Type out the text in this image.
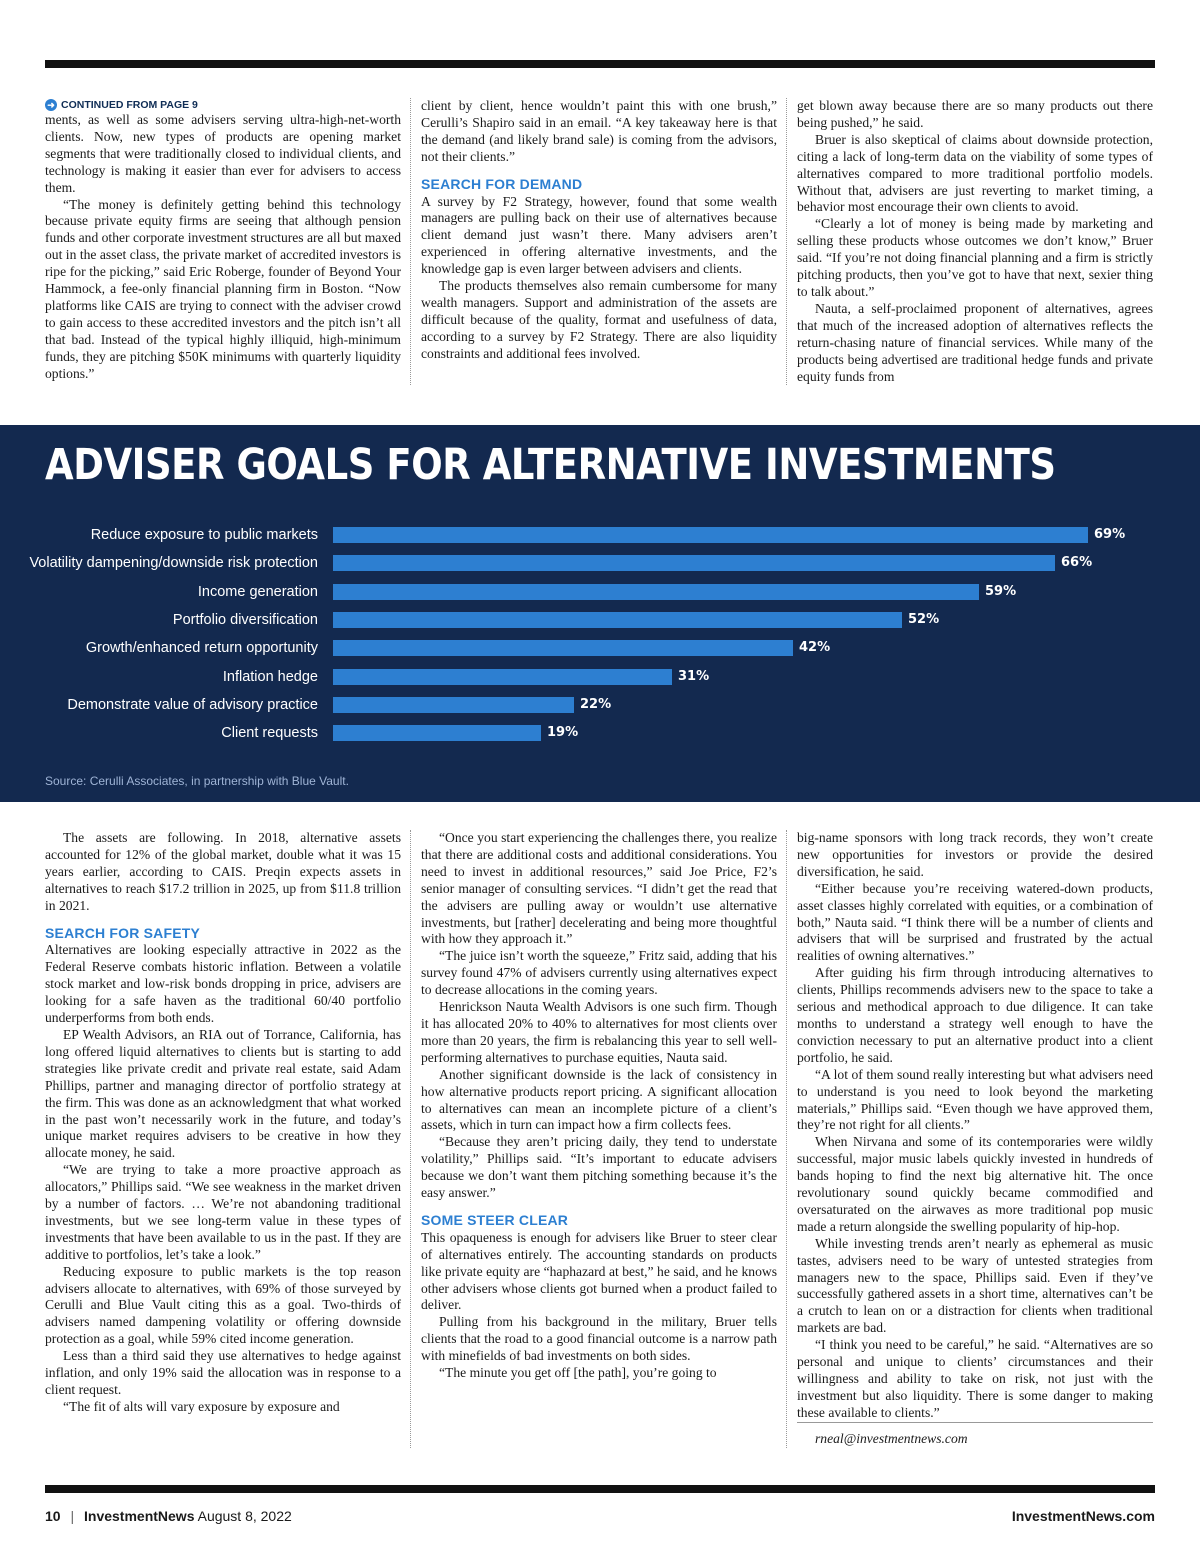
➜ CONTINUED FROM PAGE 9

ments, as well as some advisers serving ultra-high-net-worth clients. Now, new types of products are opening market segments that were traditionally closed to individual clients, and technology is making it easier than ever for advisers to access them.

“The money is definitely getting behind this technology because private equity firms are seeing that although pension funds and other corporate investment structures are all but maxed out in the asset class, the private market of accredited investors is ripe for the picking,” said Eric Roberge, founder of Beyond Your Hammock, a fee-only financial planning firm in Boston. “Now platforms like CAIS are trying to connect with the adviser crowd to gain access to these accredited investors and the pitch isn’t all that bad. Instead of the typical highly illiquid, high-minimum funds, they are pitching $50K minimums with quarterly liquidity options.”

client by client, hence wouldn’t paint this with one brush,” Cerulli’s Shapiro said in an email. “A key takeaway here is that the demand (and likely brand sale) is coming from the advisors, not their clients.”

SEARCH FOR DEMAND

A survey by F2 Strategy, however, found that some wealth managers are pulling back on their use of alternatives because client demand just wasn’t there. Many advisers aren’t experienced in offering alternative investments, and the knowledge gap is even larger between advisers and clients.

The products themselves also remain cumbersome for many wealth managers. Support and administration of the assets are difficult because of the quality, format and usefulness of data, according to a survey by F2 Strategy. There are also liquidity constraints and additional fees involved.

get blown away because there are so many products out there being pushed,” he said.

Bruer is also skeptical of claims about downside protection, citing a lack of long-term data on the viability of some types of alternatives compared to more traditional portfolio models. Without that, advisers are just reverting to market timing, a behavior most encourage their own clients to avoid.

“Clearly a lot of money is being made by marketing and selling these products whose outcomes we don’t know,” Bruer said. “If you’re not doing financial planning and a firm is strictly pitching products, then you’ve got to have that next, sexier thing to talk about.”

Nauta, a self-proclaimed proponent of alternatives, agrees that much of the increased adoption of alternatives reflects the return-chasing nature of financial services. While many of the products being advertised are traditional hedge funds and private equity funds from

ADVISER GOALS FOR ALTERNATIVE INVESTMENTS
Reduce exposure to public markets	69%
Volatility dampening/downside risk protection	66%
Income generation	59%
Portfolio diversification	52%
Growth/enhanced return opportunity	42%
Inflation hedge	31%
Demonstrate value of advisory practice	22%
Client requests	19%
Source: Cerulli Associates, in partnership with Blue Vault.

The assets are following. In 2018, alternative assets accounted for 12% of the global market, double what it was 15 years earlier, according to CAIS. Preqin expects assets in alternatives to reach $17.2 trillion in 2025, up from $11.8 trillion in 2021.

SEARCH FOR SAFETY

Alternatives are looking especially attractive in 2022 as the Federal Reserve combats historic inflation. Between a volatile stock market and low-risk bonds dropping in price, advisers are looking for a safe haven as the traditional 60/40 portfolio underperforms from both ends.

EP Wealth Advisors, an RIA out of Torrance, California, has long offered liquid alternatives to clients but is starting to add strategies like private credit and private real estate, said Adam Phillips, partner and managing director of portfolio strategy at the firm. This was done as an acknowledgment that what worked in the past won’t necessarily work in the future, and today’s unique market requires advisers to be creative in how they allocate money, he said.

“We are trying to take a more proactive approach as allocators,” Phillips said. “We see weakness in the market driven by a number of factors. … We’re not abandoning traditional investments, but we see long-term value in these types of investments that have been available to us in the past. If they are additive to portfolios, let’s take a look.”

Reducing exposure to public markets is the top reason advisers allocate to alternatives, with 69% of those surveyed by Cerulli and Blue Vault citing this as a goal. Two-thirds of advisers named dampening volatility or offering downside protection as a goal, while 59% cited income generation.

Less than a third said they use alternatives to hedge against inflation, and only 19% said the allocation was in response to a client request.

“The fit of alts will vary exposure by exposure and

“Once you start experiencing the challenges there, you realize that there are additional costs and additional considerations. You need to invest in additional resources,” said Joe Price, F2’s senior manager of consulting services. “I didn’t get the read that the advisers are pulling away or wouldn’t use alternative investments, but [rather] decelerating and being more thoughtful with how they approach it.”

“The juice isn’t worth the squeeze,” Fritz said, adding that his survey found 47% of advisers currently using alternatives expect to decrease allocations in the coming years.

Henrickson Nauta Wealth Advisors is one such firm. Though it has allocated 20% to 40% to alternatives for most clients over more than 20 years, the firm is rebalancing this year to sell well-performing alternatives to purchase equities, Nauta said.

Another significant downside is the lack of consistency in how alternative products report pricing. A significant allocation to alternatives can mean an incomplete picture of a client’s assets, which in turn can impact how a firm collects fees.

“Because they aren’t pricing daily, they tend to understate volatility,” Phillips said. “It’s important to educate advisers because we don’t want them pitching something because it’s the easy answer.”

SOME STEER CLEAR

This opaqueness is enough for advisers like Bruer to steer clear of alternatives entirely. The accounting standards on products like private equity are “haphazard at best,” he said, and he knows other advisers whose clients got burned when a product failed to deliver.

Pulling from his background in the military, Bruer tells clients that the road to a good financial outcome is a narrow path with minefields of bad investments on both sides.

“The minute you get off [the path], you’re going to

big-name sponsors with long track records, they won’t create new opportunities for investors or provide the desired diversification, he said.

“Either because you’re receiving watered-down products, asset classes highly correlated with equities, or a combination of both,” Nauta said. “I think there will be a number of clients and advisers that will be surprised and frustrated by the actual realities of owning alternatives.”

After guiding his firm through introducing alternatives to clients, Phillips recommends advisers new to the space to take a serious and methodical approach to due diligence. It can take months to understand a strategy well enough to have the conviction necessary to put an alternative product into a client portfolio, he said.

“A lot of them sound really interesting but what advisers need to understand is you need to look beyond the marketing materials,” Phillips said. “Even though we have approved them, they’re not right for all clients.”

When Nirvana and some of its contemporaries were wildly successful, major music labels quickly invested in hundreds of bands hoping to find the next big alternative hit. The once revolutionary sound quickly became commodified and oversaturated on the airwaves as more traditional pop music made a return alongside the swelling popularity of hip-hop.

While investing trends aren’t nearly as ephemeral as music tastes, advisers need to be wary of untested strategies from managers new to the space, Phillips said. Even if they’ve successfully gathered assets in a short time, alternatives can’t be a crutch to lean on or a distraction for clients when traditional markets are bad.

“I think you need to be careful,” he said. “Alternatives are so personal and unique to clients’ circumstances and their willingness and ability to take on risk, not just with the investment but also liquidity. There is some danger to making these available to clients.”

rneal@investmentnews.com

10 | InvestmentNews August 8, 2022	InvestmentNews.com
